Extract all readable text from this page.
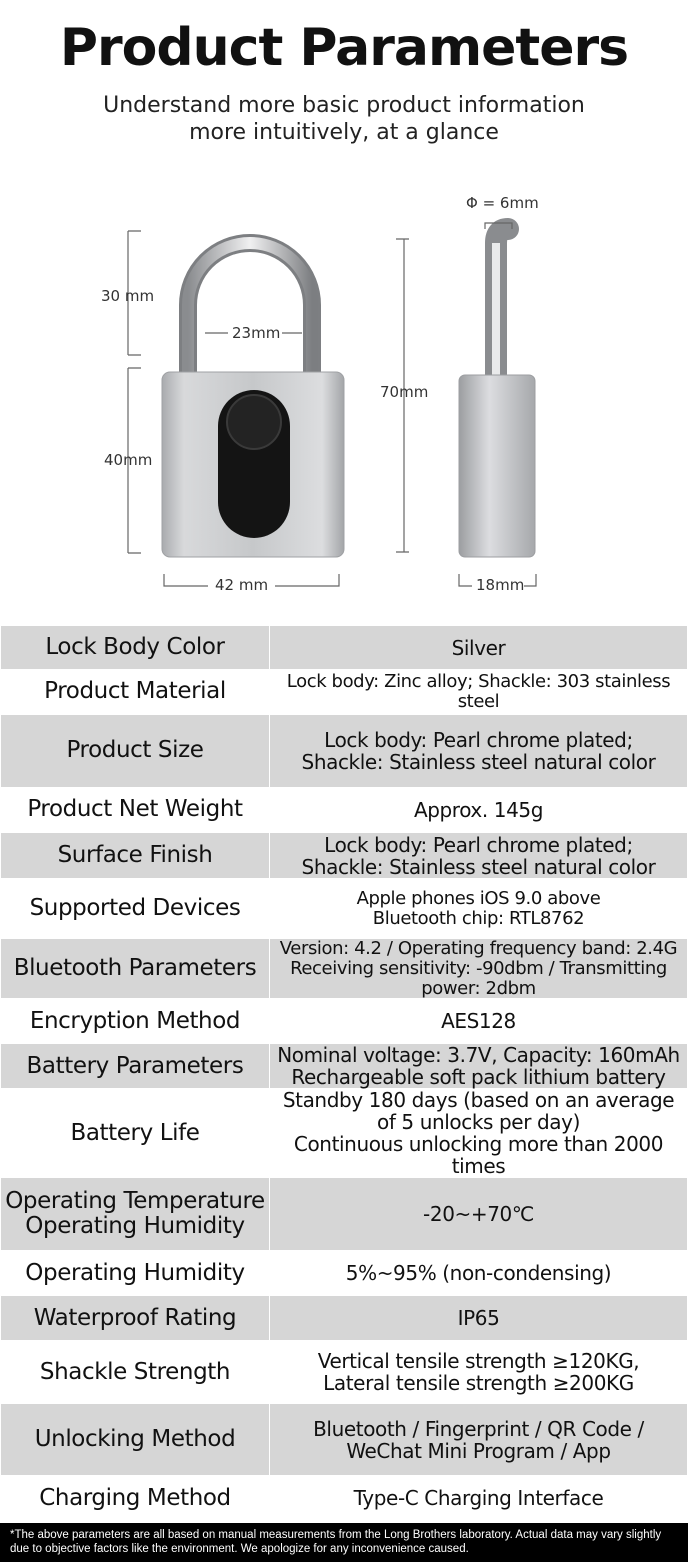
Product Parameters
Understand more basic product information
more intuitively, at a glance
30 mm
23mm
40mm
70mm
42 mm	18mm
Φ = 6mm
Lock Body Color	Silver

Product Material	Lock body: Zinc alloy; Shackle: 303 stainless steel

Product Size	Lock body: Pearl chrome plated;
Shackle: Stainless steel natural color

Product Net Weight	Approx. 145g

Surface Finish	Lock body: Pearl chrome plated;
Shackle: Stainless steel natural color

Supported Devices	Apple phones iOS 9.0 above
Bluetooth chip: RTL8762

Bluetooth Parameters	Version: 4.2 / Operating frequency band: 2.4G
Receiving sensitivity: -90dbm / Transmitting power: 2dbm

Encryption Method	AES128

Battery Parameters	Nominal voltage: 3.7V, Capacity: 160mAh
Rechargeable soft pack lithium battery

Battery Life	Standby 180 days (based on an average
of 5 unlocks per day)
Continuous unlocking more than 2000 times

Operating Temperature
Operating Humidity	-20~+70℃

Operating Humidity	5%~95% (non-condensing)

Waterproof Rating	IP65

Shackle Strength	Vertical tensile strength ≥120KG,
Lateral tensile strength ≥200KG

Unlocking Method	Bluetooth / Fingerprint / QR Code /
WeChat Mini Program / App

Charging Method	Type-C Charging Interface
*The above parameters are all based on manual measurements from the Long Brothers laboratory. Actual data may vary slightly
due to objective factors like the environment. We apologize for any inconvenience caused.
